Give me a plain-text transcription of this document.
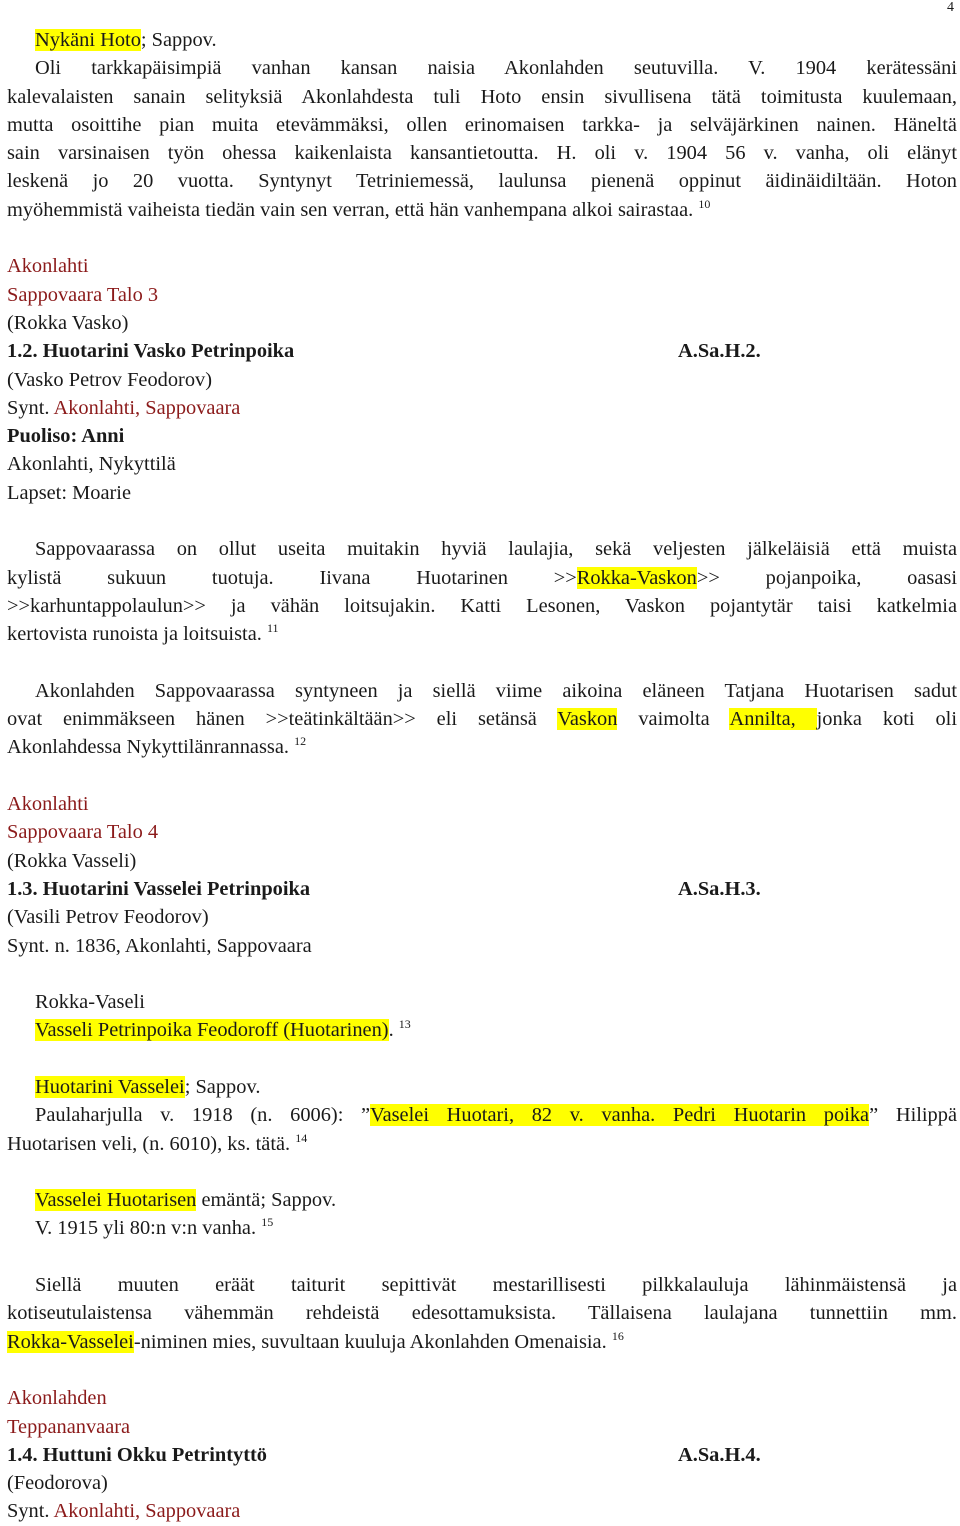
4
Nykäni Hoto; Sappov.
Oli tarkkapäisimpiä vanhan kansan naisia Akonlahden seutuvilla. V. 1904 kerätessäni
kalevalaisten sanain selityksiä Akonlahdesta tuli Hoto ensin sivullisena tätä toimitusta kuulemaan,
mutta osoittihe pian muita etevämmäksi, ollen erinomaisen tarkka- ja selväjärkinen nainen. Häneltä
sain varsinaisen työn ohessa kaikenlaista kansantietoutta. H. oli v. 1904 56 v. vanha, oli elänyt
leskenä jo 20 vuotta. Syntynyt Tetriniemessä, laulunsa pienenä oppinut äidinäidiltään. Hoton
myöhemmistä vaiheista tiedän vain sen verran, että hän vanhempana alkoi sairastaa. $^{10}$
Akonlahti
Sappovaara Talo 3
(Rokka Vasko)
1.2. Huotarini Vasko Petrinpoika	A.Sa.H.2.
(Vasko Petrov Feodorov)
Synt. Akonlahti, Sappovaara
Puoliso: Anni
Akonlahti, Nykyttilä
Lapset: Moarie
Sappovaarassa on ollut useita muitakin hyviä laulajia, sekä veljesten jälkeläisiä että muista
kylistä sukuun tuotuja. Iivana Huotarinen >>Rokka-Vaskon>> pojanpoika, oasasi
>>karhuntappolaulun>> ja vähän loitsujakin. Katti Lesonen, Vaskon pojantytär taisi katkelmia
kertovista runoista ja loitsuista. $^{11}$
Akonlahden Sappovaarassa syntyneen ja siellä viime aikoina eläneen Tatjana Huotarisen sadut
ovat enimmäkseen hänen >>teätinkältään>> eli setänsä Vaskon vaimolta Annilta, jonka koti oli
Akonlahdessa Nykyttilänrannassa. $^{12}$
Akonlahti
Sappovaara Talo 4
(Rokka Vasseli)
1.3. Huotarini Vasselei Petrinpoika	A.Sa.H.3.
(Vasili Petrov Feodorov)
Synt. n. 1836, Akonlahti, Sappovaara
Rokka-Vaseli
Vasseli Petrinpoika Feodoroff (Huotarinen). $^{13}$
Huotarini Vasselei; Sappov.
Paulaharjulla v. 1918 (n. 6006): ”Vaselei Huotari, 82 v. vanha. Pedri Huotarin poika” Hilippä
Huotarisen veli, (n. 6010), ks. tätä. $^{14}$
Vasselei Huotarisen emäntä; Sappov.
V. 1915 yli 80:n v:n vanha. $^{15}$
Siellä muuten eräät taiturit sepittivät mestarillisesti pilkkalauluja lähinmäistensä ja
kotiseutulaistensa vähemmän rehdeistä edesottamuksista. Tällaisena laulajana tunnettiin mm.
Rokka-Vasselei-niminen mies, suvultaan kuuluja Akonlahden Omenaisia. $^{16}$
Akonlahden
Teppananvaara
1.4. Huttuni Okku Petrintyttö	A.Sa.H.4.
(Feodorova)
Synt. Akonlahti, Sappovaara
